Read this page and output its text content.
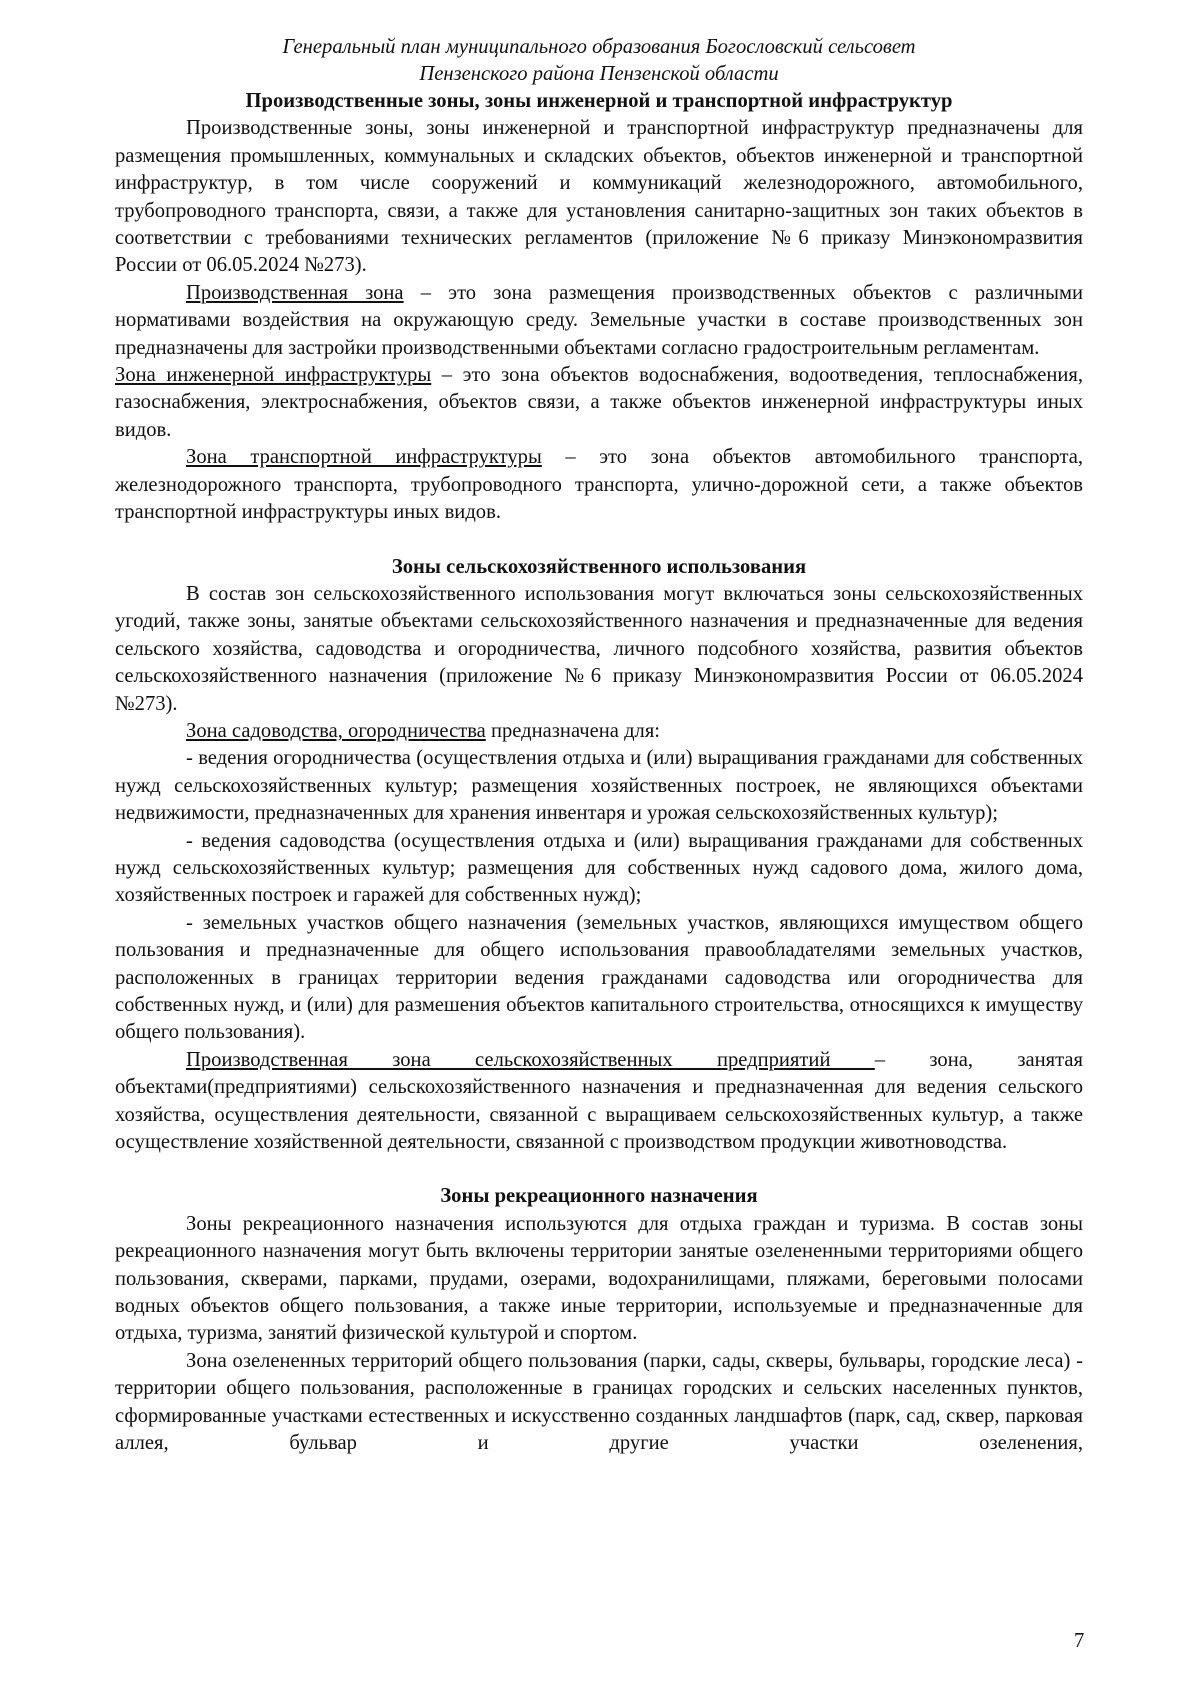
Генеральный план муниципального образования Богословский сельсовет
Пензенского района Пензенской области
Производственные зоны, зоны инженерной и транспортной инфраструктур

Производственные зоны, зоны инженерной и транспортной инфраструктур предназначены для размещения промышленных, коммунальных и складских объектов, объектов инженерной и транспортной инфраструктур, в том числе сооружений и коммуникаций железнодорожного, автомобильного, трубопроводного транспорта, связи, а также для установления санитарно-защитных зон таких объектов в соответствии с требованиями технических регламентов (приложение №6 приказу Минэкономразвития России от 06.05.2024 №273).

Производственная зона – это зона размещения производственных объектов с различными нормативами воздействия на окружающую среду. Земельные участки в составе производственных зон предназначены для застройки производственными объектами согласно градостроительным регламентам.

Зона инженерной инфраструктуры – это зона объектов водоснабжения, водоотведения, теплоснабжения, газоснабжения, электроснабжения, объектов связи, а также объектов инженерной инфраструктуры иных видов.

Зона транспортной инфраструктуры – это зона объектов автомобильного транспорта, железнодорожного транспорта, трубопроводного транспорта, улично-дорожной сети, а также объектов транспортной инфраструктуры иных видов.

Зоны сельскохозяйственного использования

В состав зон сельскохозяйственного использования могут включаться зоны сельскохозяйственных угодий, также зоны, занятые объектами сельскохозяйственного назначения и предназначенные для ведения сельского хозяйства, садоводства и огородничества, личного подсобного хозяйства, развития объектов сельскохозяйственного назначения (приложение №6 приказу Минэкономразвития России от 06.05.2024 №273).

Зона садоводства, огородничества предназначена для:

- ведения огородничества (осуществления отдыха и (или) выращивания гражданами для собственных нужд сельскохозяйственных культур; размещения хозяйственных построек, не являющихся объектами недвижимости, предназначенных для хранения инвентаря и урожая сельскохозяйственных культур);

- ведения садоводства (осуществления отдыха и (или) выращивания гражданами для собственных нужд сельскохозяйственных культур; размещения для собственных нужд садового дома, жилого дома, хозяйственных построек и гаражей для собственных нужд);

- земельных участков общего назначения (земельных участков, являющихся имуществом общего пользования и предназначенные для общего использования правообладателями земельных участков, расположенных в границах территории ведения гражданами садоводства или огородничества для собственных нужд, и (или) для размешения объектов капитального строительства, относящихся к имуществу общего пользования).

Производственная зона сельскохозяйственных предприятий – зона, занятая объектами(предприятиями) сельскохозяйственного назначения и предназначенная для ведения сельского хозяйства, осуществления деятельности, связанной с выращиваем сельскохозяйственных культур, а также осуществление хозяйственной деятельности, связанной с производством продукции животноводства.

Зоны рекреационного назначения

Зоны рекреационного назначения используются для отдыха граждан и туризма. В состав зоны рекреационного назначения могут быть включены территории занятые озелененными территориями общего пользования, скверами, парками, прудами, озерами, водохранилищами, пляжами, береговыми полосами водных объектов общего пользования, а также иные территории, используемые и предназначенные для отдыха, туризма, занятий физической культурой и спортом.

Зона озелененных территорий общего пользования (парки, сады, скверы, бульвары, городские леса) - территории общего пользования, расположенные в границах городских и сельских населенных пунктов, сформированные участками естественных и искусственно созданных ландшафтов (парк, сад, сквер, парковая аллея, бульвар и другие участки озеленения,

7
